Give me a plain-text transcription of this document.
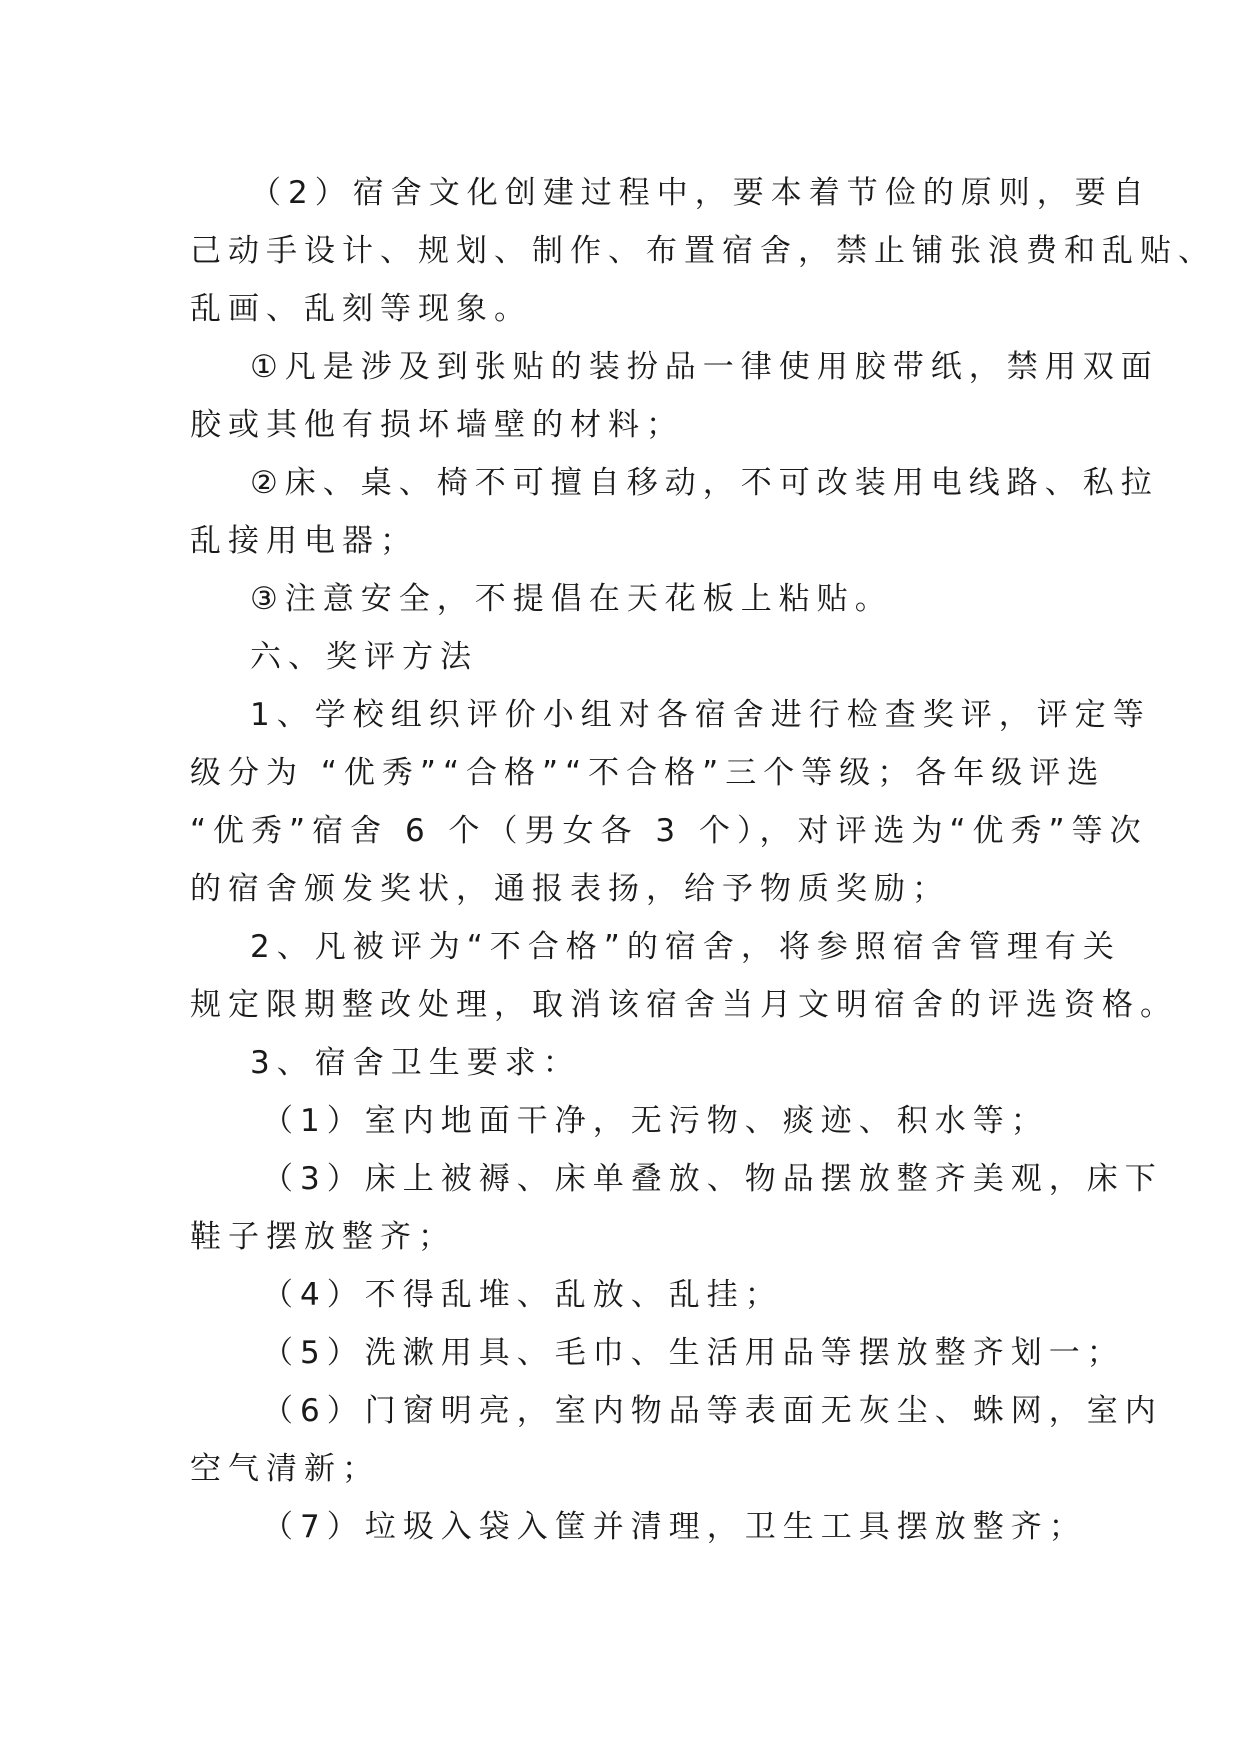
（2）宿舍文化创建过程中，要本着节俭的原则，要自
己动手设计、规划、制作、布置宿舍，禁止铺张浪费和乱贴、
乱画、乱刻等现象。
①凡是涉及到张贴的装扮品一律使用胶带纸，禁用双面
胶或其他有损坏墙壁的材料；
②床、桌、椅不可擅自移动，不可改装用电线路、私拉
乱接用电器；
③注意安全，不提倡在天花板上粘贴。
六、奖评方法
1、学校组织评价小组对各宿舍进行检查奖评，评定等
级分为 “优秀”“合格”“不合格”三个等级；各年级评选
“优秀”宿舍 6 个（男女各 3 个），对评选为“优秀”等次
的宿舍颁发奖状，通报表扬，给予物质奖励；
2、凡被评为“不合格”的宿舍，将参照宿舍管理有关
规定限期整改处理，取消该宿舍当月文明宿舍的评选资格。
3、宿舍卫生要求：
（1）室内地面干净，无污物、痰迹、积水等；
（3）床上被褥、床单叠放、物品摆放整齐美观，床下
鞋子摆放整齐；
（4）不得乱堆、乱放、乱挂；
（5）洗漱用具、毛巾、生活用品等摆放整齐划一；
（6）门窗明亮，室内物品等表面无灰尘、蛛网，室内
空气清新；
（7）垃圾入袋入筐并清理，卫生工具摆放整齐；
